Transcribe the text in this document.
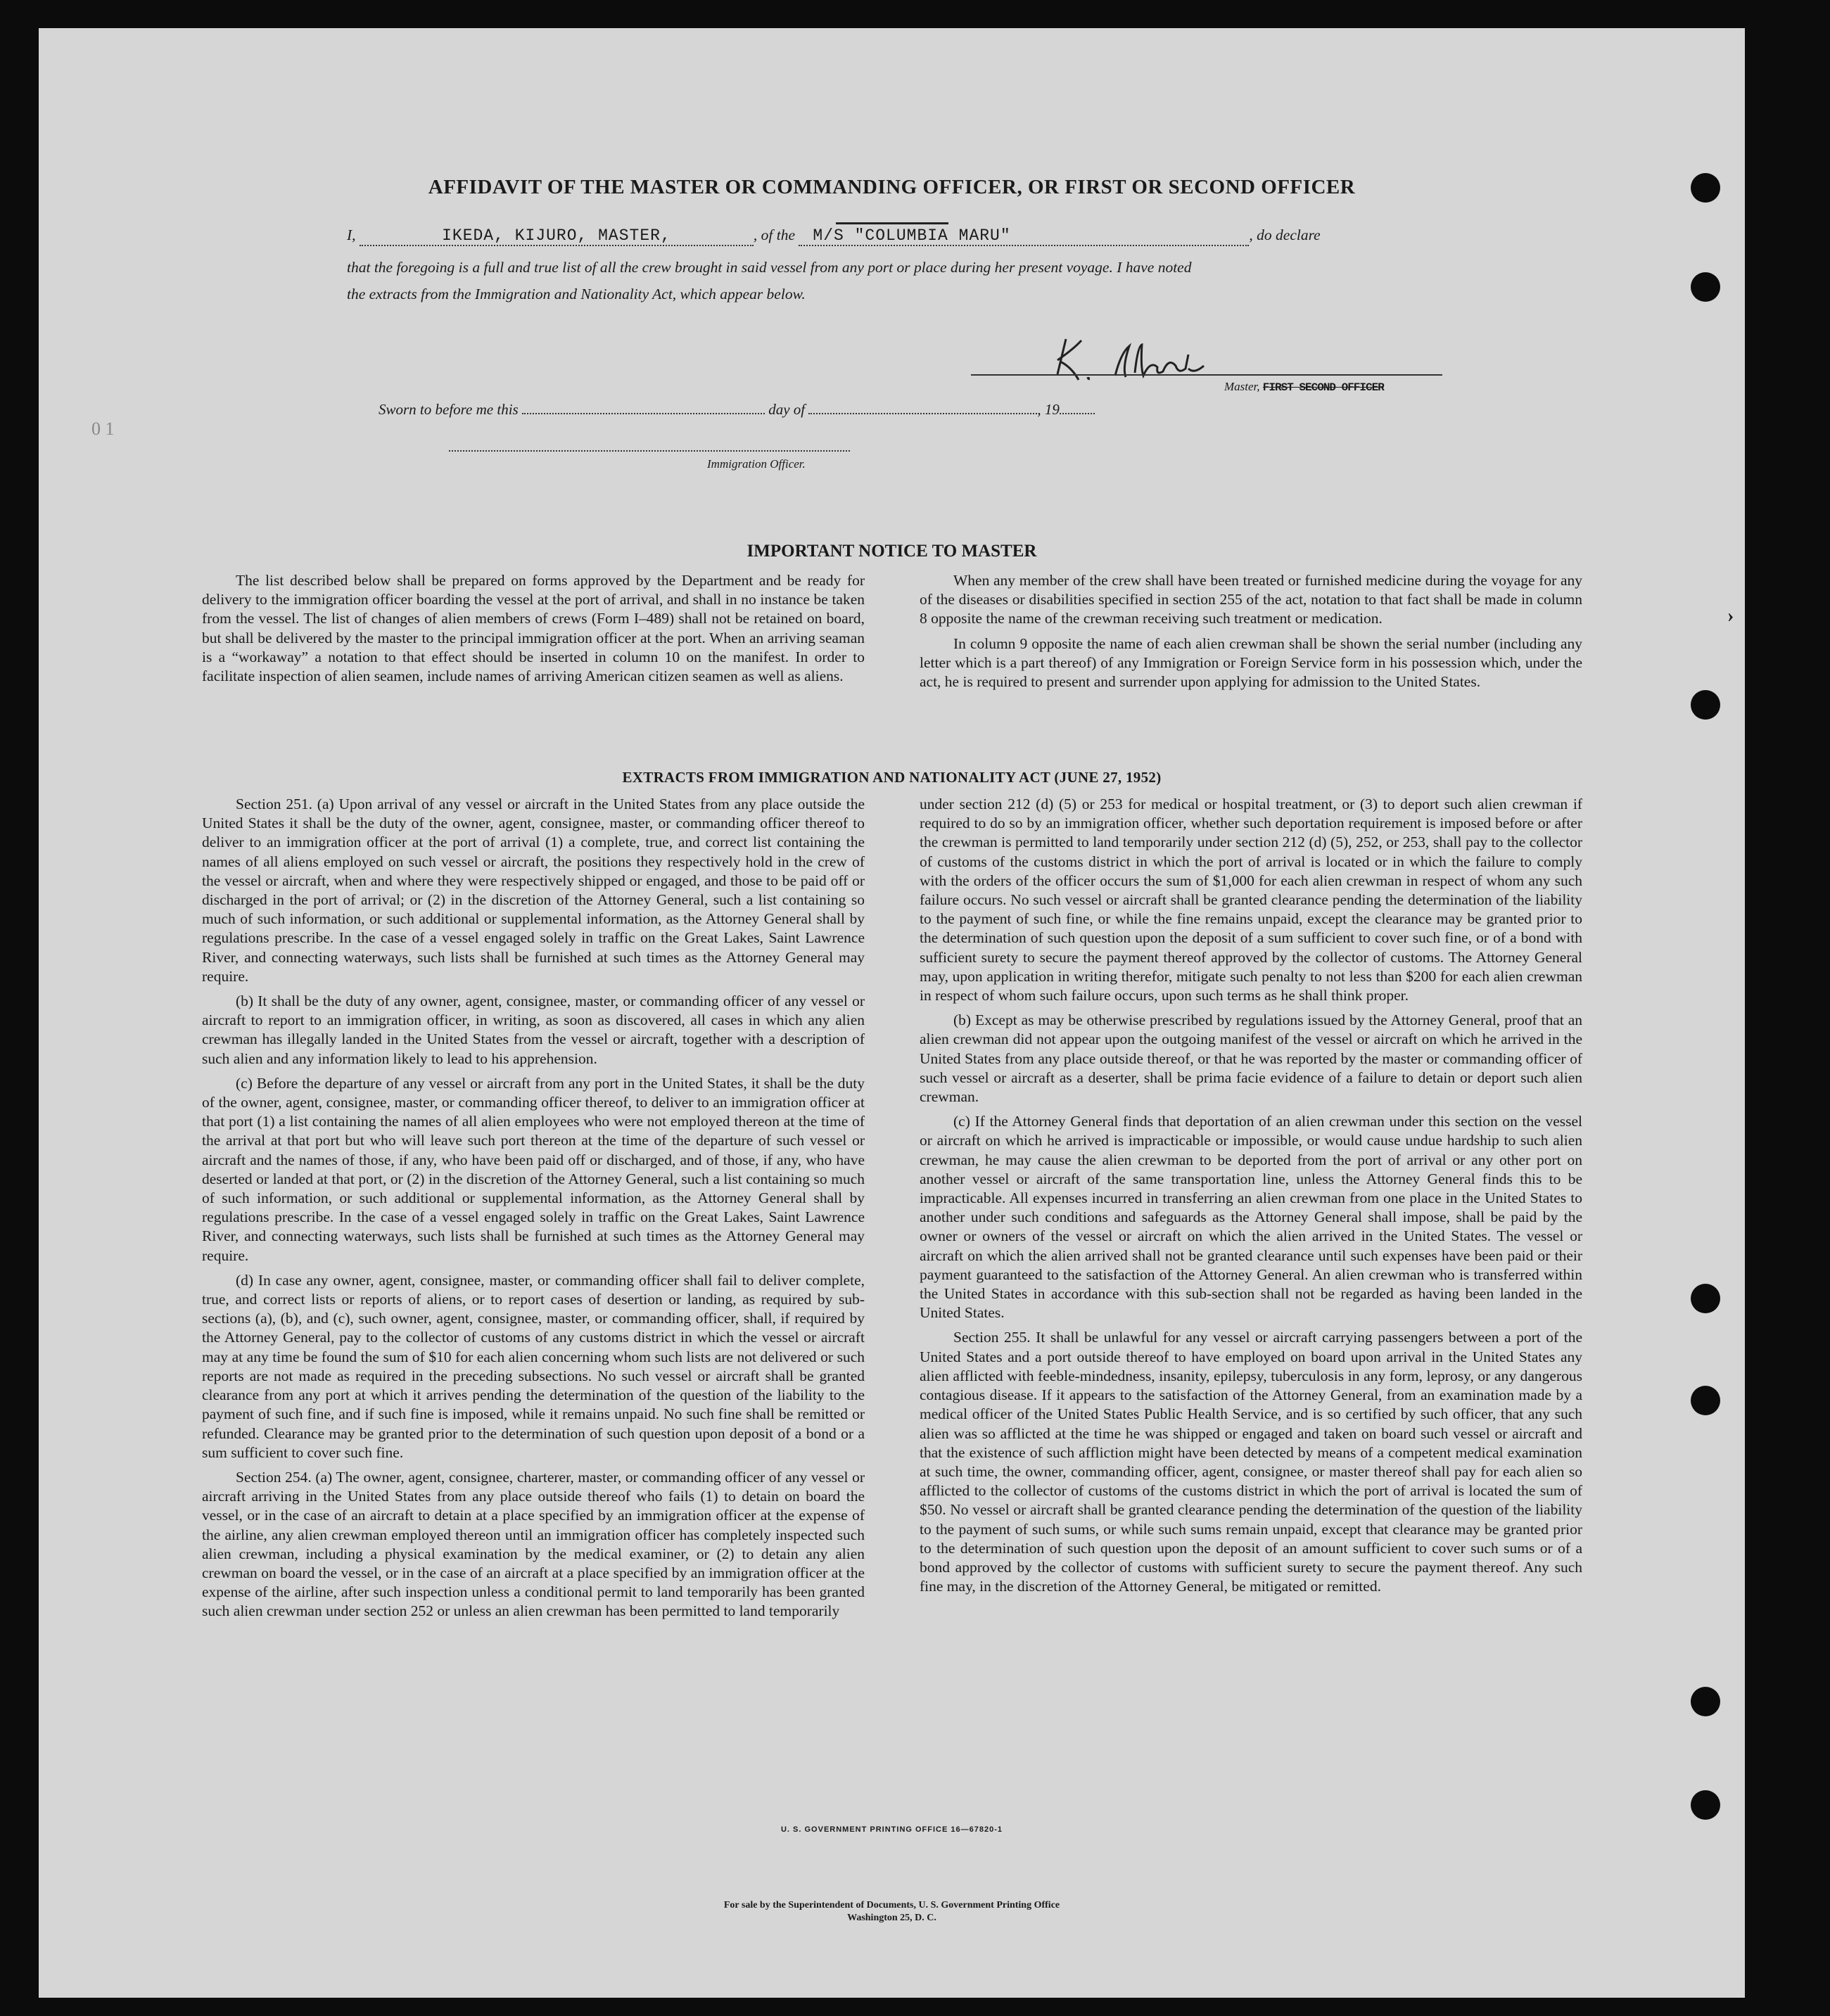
AFFIDAVIT OF THE MASTER OR COMMANDING OFFICER, OR FIRST OR SECOND OFFICER
I,	IKEDA, KIJURO, MASTER,	, of the M/S "COLUMBIA MARU"	, do declare
that the foregoing is a full and true list of all the crew brought in said vessel from any port or place during her present voyage. I have noted
the extracts from the Immigration and Nationality Act, which appear below.
Master, FIRST SECOND OFFICER
Sworn to before me this	day of	, 19
Immigration Officer.
0 1
›
IMPORTANT NOTICE TO MASTER

The list described below shall be prepared on forms approved by the Department and be ready for delivery to the immigration officer boarding the vessel at the port of arrival, and shall in no instance be taken from the vessel. The list of changes of alien members of crews (Form I–489) shall not be retained on board, but shall be delivered by the master to the principal immigration officer at the port. When an arriving seaman is a “workaway” a notation to that effect should be inserted in column 10 on the manifest. In order to facilitate inspection of alien seamen, include names of arriving American citizen seamen as well as aliens.

When any member of the crew shall have been treated or furnished medicine during the voyage for any of the diseases or disabilities specified in section 255 of the act, notation to that fact shall be made in column 8 opposite the name of the crewman receiving such treatment or medication.

In column 9 opposite the name of each alien crewman shall be shown the serial number (including any letter which is a part thereof) of any Immigration or Foreign Service form in his possession which, under the act, he is required to present and surrender upon applying for admission to the United States.

EXTRACTS FROM IMMIGRATION AND NATIONALITY ACT (JUNE 27, 1952)

Section 251. (a) Upon arrival of any vessel or aircraft in the United States from any place outside the United States it shall be the duty of the owner, agent, consignee, master, or commanding officer thereof to deliver to an immigration officer at the port of arrival (1) a complete, true, and correct list containing the names of all aliens employed on such vessel or aircraft, the positions they respectively hold in the crew of the vessel or aircraft, when and where they were respectively shipped or engaged, and those to be paid off or discharged in the port of arrival; or (2) in the discretion of the Attorney General, such a list containing so much of such information, or such additional or supplemental information, as the Attorney General shall by regulations prescribe. In the case of a vessel engaged solely in traffic on the Great Lakes, Saint Lawrence River, and connecting waterways, such lists shall be furnished at such times as the Attorney General may require.

(b) It shall be the duty of any owner, agent, consignee, master, or commanding officer of any vessel or aircraft to report to an immigration officer, in writing, as soon as discovered, all cases in which any alien crewman has illegally landed in the United States from the vessel or aircraft, together with a description of such alien and any information likely to lead to his apprehension.

(c) Before the departure of any vessel or aircraft from any port in the United States, it shall be the duty of the owner, agent, consignee, master, or commanding officer thereof, to deliver to an immigration officer at that port (1) a list containing the names of all alien employees who were not employed thereon at the time of the arrival at that port but who will leave such port thereon at the time of the departure of such vessel or aircraft and the names of those, if any, who have been paid off or discharged, and of those, if any, who have deserted or landed at that port, or (2) in the discretion of the Attorney General, such a list containing so much of such information, or such additional or supplemental information, as the Attorney General shall by regulations prescribe. In the case of a vessel engaged solely in traffic on the Great Lakes, Saint Lawrence River, and connecting waterways, such lists shall be furnished at such times as the Attorney General may require.

(d) In case any owner, agent, consignee, master, or commanding officer shall fail to deliver complete, true, and correct lists or reports of aliens, or to report cases of desertion or landing, as required by sub-sections (a), (b), and (c), such owner, agent, consignee, master, or commanding officer, shall, if required by the Attorney General, pay to the collector of customs of any customs district in which the vessel or aircraft may at any time be found the sum of $10 for each alien concerning whom such lists are not delivered or such reports are not made as required in the preceding subsections. No such vessel or aircraft shall be granted clearance from any port at which it arrives pending the determination of the question of the liability to the payment of such fine, and if such fine is imposed, while it remains unpaid. No such fine shall be remitted or refunded. Clearance may be granted prior to the determination of such question upon deposit of a bond or a sum sufficient to cover such fine.

Section 254. (a) The owner, agent, consignee, charterer, master, or commanding officer of any vessel or aircraft arriving in the United States from any place outside thereof who fails (1) to detain on board the vessel, or in the case of an aircraft to detain at a place specified by an immigration officer at the expense of the airline, any alien crewman employed thereon until an immigration officer has completely inspected such alien crewman, including a physical examination by the medical examiner, or (2) to detain any alien crewman on board the vessel, or in the case of an aircraft at a place specified by an immigration officer at the expense of the airline, after such inspection unless a conditional permit to land temporarily has been granted such alien crewman under section 252 or unless an alien crewman has been permitted to land temporarily

under section 212 (d) (5) or 253 for medical or hospital treatment, or (3) to deport such alien crewman if required to do so by an immigration officer, whether such deportation requirement is imposed before or after the crewman is permitted to land temporarily under section 212 (d) (5), 252, or 253, shall pay to the collector of customs of the customs district in which the port of arrival is located or in which the failure to comply with the orders of the officer occurs the sum of $1,000 for each alien crewman in respect of whom any such failure occurs. No such vessel or aircraft shall be granted clearance pending the determination of the liability to the payment of such fine, or while the fine remains unpaid, except the clearance may be granted prior to the determination of such question upon the deposit of a sum sufficient to cover such fine, or of a bond with sufficient surety to secure the payment thereof approved by the collector of customs. The Attorney General may, upon application in writing therefor, mitigate such penalty to not less than $200 for each alien crewman in respect of whom such failure occurs, upon such terms as he shall think proper.

(b) Except as may be otherwise prescribed by regulations issued by the Attorney General, proof that an alien crewman did not appear upon the outgoing manifest of the vessel or aircraft on which he arrived in the United States from any place outside thereof, or that he was reported by the master or commanding officer of such vessel or aircraft as a deserter, shall be prima facie evidence of a failure to detain or deport such alien crewman.

(c) If the Attorney General finds that deportation of an alien crewman under this section on the vessel or aircraft on which he arrived is impracticable or impossible, or would cause undue hardship to such alien crewman, he may cause the alien crewman to be deported from the port of arrival or any other port on another vessel or aircraft of the same transportation line, unless the Attorney General finds this to be impracticable. All expenses incurred in transferring an alien crewman from one place in the United States to another under such conditions and safeguards as the Attorney General shall impose, shall be paid by the owner or owners of the vessel or aircraft on which the alien arrived in the United States. The vessel or aircraft on which the alien arrived shall not be granted clearance until such expenses have been paid or their payment guaranteed to the satisfaction of the Attorney General. An alien crewman who is transferred within the United States in accordance with this sub-section shall not be regarded as having been landed in the United States.

Section 255. It shall be unlawful for any vessel or aircraft carrying passengers between a port of the United States and a port outside thereof to have employed on board upon arrival in the United States any alien afflicted with feeble-mindedness, insanity, epilepsy, tuberculosis in any form, leprosy, or any dangerous contagious disease. If it appears to the satisfaction of the Attorney General, from an examination made by a medical officer of the United States Public Health Service, and is so certified by such officer, that any such alien was so afflicted at the time he was shipped or engaged and taken on board such vessel or aircraft and that the existence of such affliction might have been detected by means of a competent medical examination at such time, the owner, commanding officer, agent, consignee, or master thereof shall pay for each alien so afflicted to the collector of customs of the customs district in which the port of arrival is located the sum of $50. No vessel or aircraft shall be granted clearance pending the determination of the question of the liability to the payment of such sums, or while such sums remain unpaid, except that clearance may be granted prior to the determination of such question upon the deposit of an amount sufficient to cover such sums or of a bond approved by the collector of customs with sufficient surety to secure the payment thereof. Any such fine may, in the discretion of the Attorney General, be mitigated or remitted.

U. S. GOVERNMENT PRINTING OFFICE 16—67820-1
For sale by the Superintendent of Documents, U. S. Government Printing Office
Washington 25, D. C.
